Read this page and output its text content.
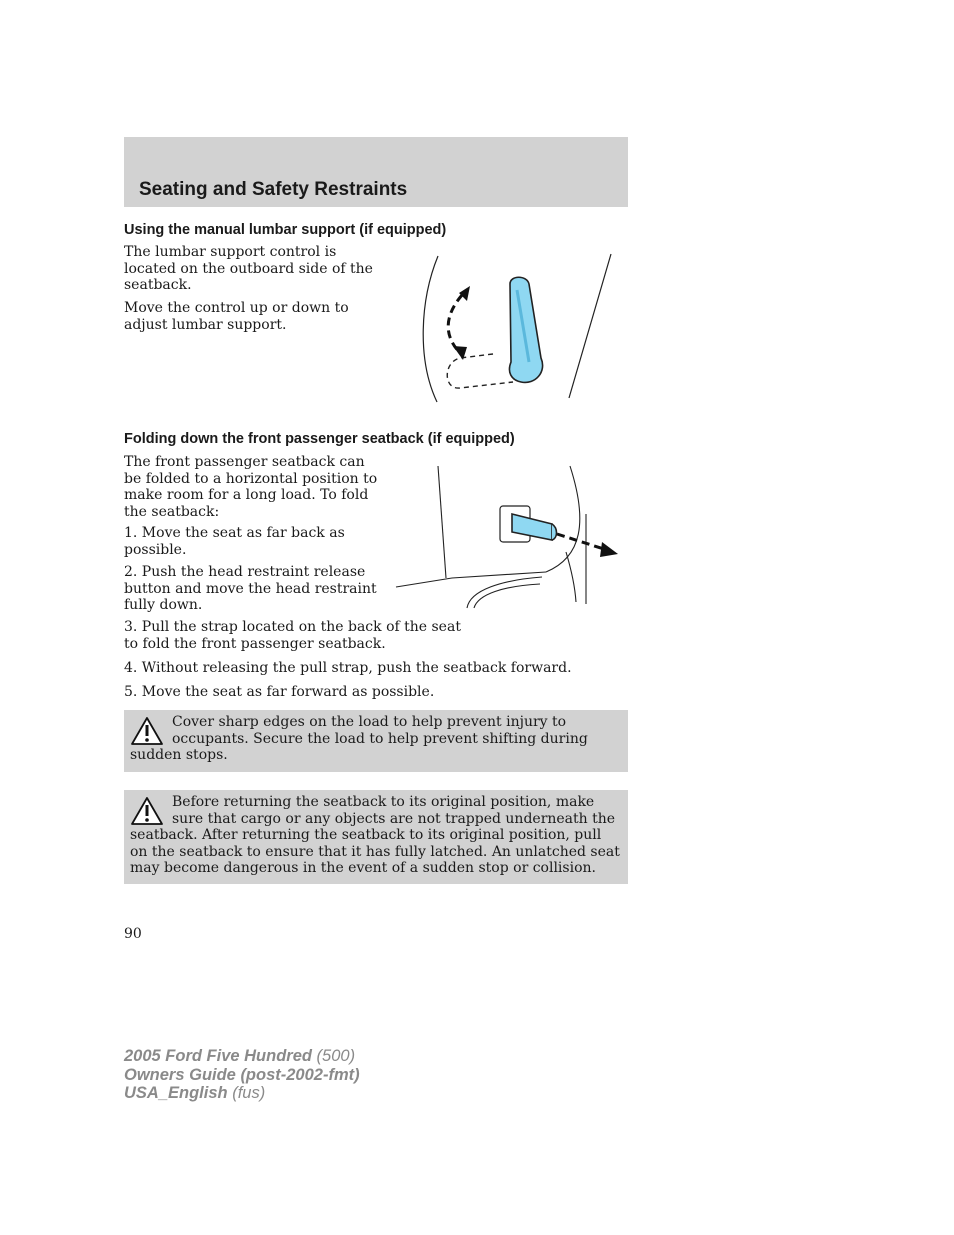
Seating and Safety Restraints
Using the manual lumbar support (if equipped)

The lumbar support control is located on the outboard side of the seatback.

Move the control up or down to adjust lumbar support.

Folding down the front passenger seatback (if equipped)

The front passenger seatback can be folded to a horizontal position to make room for a long load. To fold the seatback:

1. Move the seat as far back as possible.

2. Push the head restraint release button and move the head restraint fully down.

3. Pull the strap located on the back of the seat to fold the front passenger seatback.

4. Without releasing the pull strap, push the seatback forward.

5. Move the seat as far forward as possible.

Cover sharp edges on the load to help prevent injury to occupants. Secure the load to help prevent shifting during sudden stops.

Before returning the seatback to its original position, make sure that cargo or any objects are not trapped underneath the seatback. After returning the seatback to its original position, pull on the seatback to ensure that it has fully latched. An unlatched seat may become dangerous in the event of a sudden stop or collision.

90

2005 Ford Five Hundred (500)
Owners Guide (post-2002-fmt)
USA_English (fus)
